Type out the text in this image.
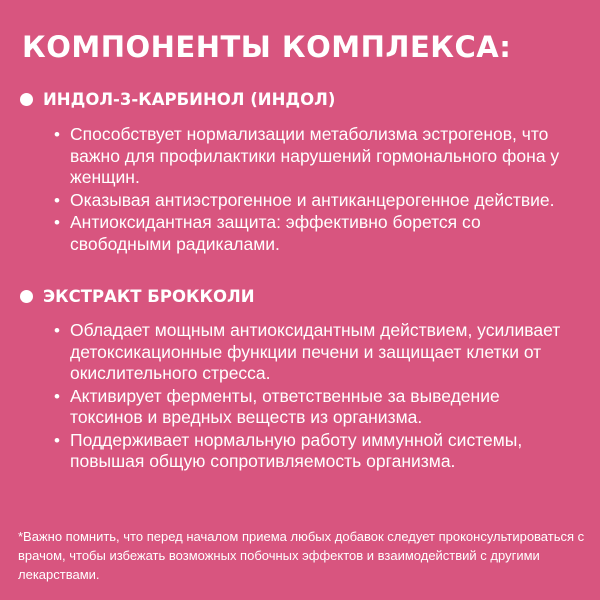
КОМПОНЕНТЫ КОМПЛЕКСА:
ИНДОЛ-3-КАРБИНОЛ (ИНДОЛ)
• Способствует нормализации метаболизма эстрогенов, что важно для профилактики нарушений гормонального фона у женщин.
• Оказывая антиэстрогенное и антиканцерогенное действие.
• Антиоксидантная защита: эффективно борется со свободными радикалами.
ЭКСТРАКТ БРОККОЛИ
• Обладает мощным антиоксидантным действием, усиливает детоксикационные функции печени и защищает клетки от окислительного стресса.
• Активирует ферменты, ответственные за выведение токсинов и вредных веществ из организма.
• Поддерживает нормальную работу иммунной системы, повышая общую сопротивляемость организма.

*Важно помнить, что перед началом приема любых добавок следует проконсультироваться с врачом, чтобы избежать возможных побочных эффектов и взаимодействий с другими лекарствами.
